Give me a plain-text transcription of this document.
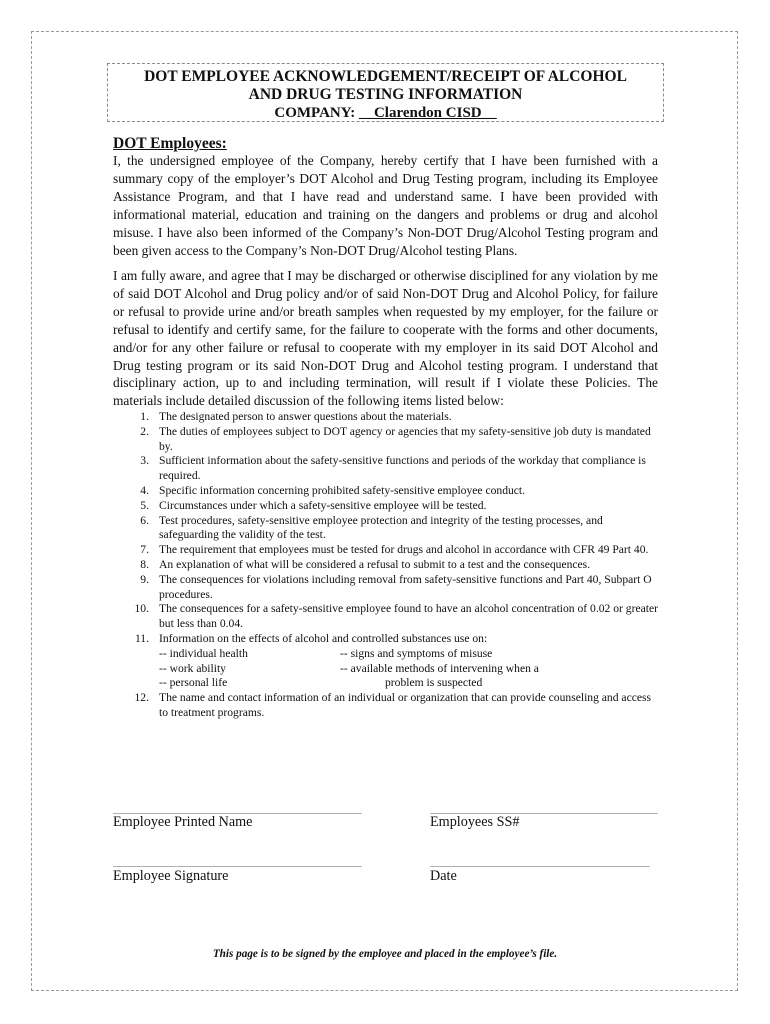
DOT EMPLOYEE ACKNOWLEDGEMENT/RECEIPT OF ALCOHOL
AND DRUG TESTING INFORMATION
COMPANY: __Clarendon CISD__
DOT Employees:

I, the undersigned employee of the Company, hereby certify that I have been furnished with a summary copy of the employer’s DOT Alcohol and Drug Testing program, including its Employee Assistance Program, and that I have read and understand same. I have been provided with informational material, education and training on the dangers and problems or drug and alcohol misuse. I have also been informed of the Company’s Non-DOT Drug/Alcohol Testing program and been given access to the Company’s Non-DOT Drug/Alcohol testing Plans.

I am fully aware, and agree that I may be discharged or otherwise disciplined for any violation by me of said DOT Alcohol and Drug policy and/or of said Non-DOT Drug and Alcohol Policy, for failure or refusal to provide urine and/or breath samples when requested by my employer, for the failure or refusal to identify and certify same, for the failure to cooperate with the forms and other documents, and/or for any other failure or refusal to cooperate with my employer in its said DOT Alcohol and Drug testing program or its said Non-DOT Drug and Alcohol testing program. I understand that disciplinary action, up to and including termination, will result if I violate these Policies. The materials include detailed discussion of the following items listed below:

1. The designated person to answer questions about the materials.
2. The duties of employees subject to DOT agency or agencies that my safety-sensitive job duty is mandated by.
3. Sufficient information about the safety-sensitive functions and periods of the workday that compliance is required.
4. Specific information concerning prohibited safety-sensitive employee conduct.
5. Circumstances under which a safety-sensitive employee will be tested.
6. Test procedures, safety-sensitive employee protection and integrity of the testing processes, and safeguarding the validity of the test.
7. The requirement that employees must be tested for drugs and alcohol in accordance with CFR 49 Part 40.
8. An explanation of what will be considered a refusal to submit to a test and the consequences.
9. The consequences for violations including removal from safety-sensitive functions and Part 40, Subpart O procedures.
10. The consequences for a safety-sensitive employee found to have an alcohol concentration of 0.02 or greater but less than 0.04.
11. Information on the effects of alcohol and controlled substances use on:
-- individual health	-- signs and symptoms of misuse
-- work ability	-- available methods of intervening when a
-- personal life	problem is suspected
12. The name and contact information of an individual or organization that can provide counseling and access to treatment programs.
Employee Printed Name	Employees SS#
Employee Signature	Date
This page is to be signed by the employee and placed in the employee’s file.
